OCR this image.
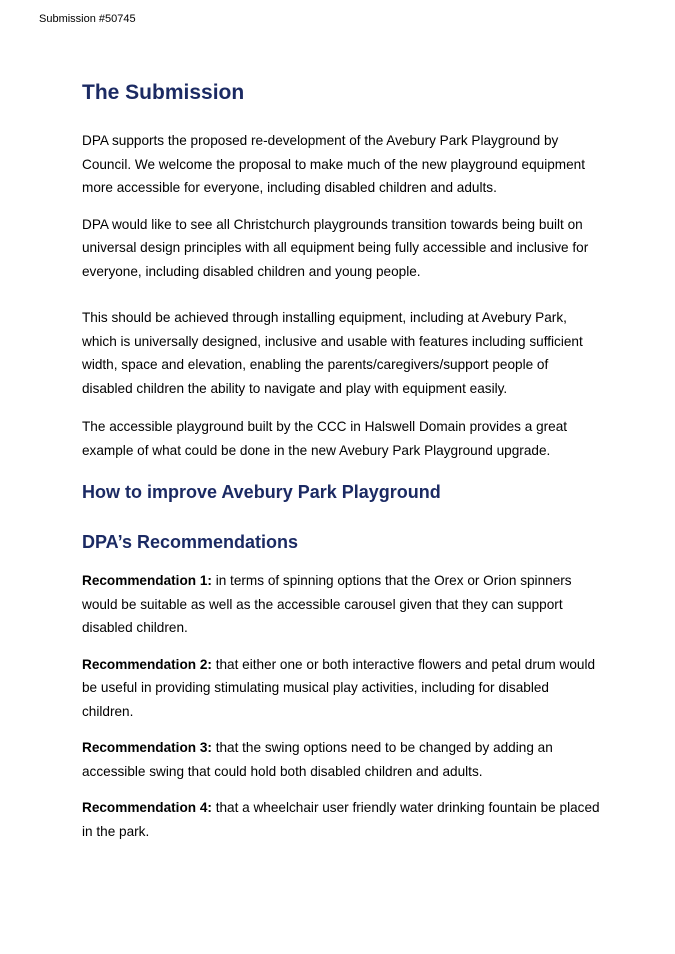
Submission #50745
The Submission

DPA supports the proposed re-development of the Avebury Park Playground by Council. We welcome the proposal to make much of the new playground equipment more accessible for everyone, including disabled children and adults.

DPA would like to see all Christchurch playgrounds transition towards being built on universal design principles with all equipment being fully accessible and inclusive for everyone, including disabled children and young people.

This should be achieved through installing equipment, including at Avebury Park, which is universally designed, inclusive and usable with features including sufficient width, space and elevation, enabling the parents/caregivers/support people of disabled children the ability to navigate and play with equipment easily.

The accessible playground built by the CCC in Halswell Domain provides a great example of what could be done in the new Avebury Park Playground upgrade.

How to improve Avebury Park Playground
DPA’s Recommendations

Recommendation 1: in terms of spinning options that the Orex or Orion spinners would be suitable as well as the accessible carousel given that they can support disabled children.

Recommendation 2: that either one or both interactive flowers and petal drum would be useful in providing stimulating musical play activities, including for disabled children.

Recommendation 3: that the swing options need to be changed by adding an accessible swing that could hold both disabled children and adults.

Recommendation 4: that a wheelchair user friendly water drinking fountain be placed in the park.
